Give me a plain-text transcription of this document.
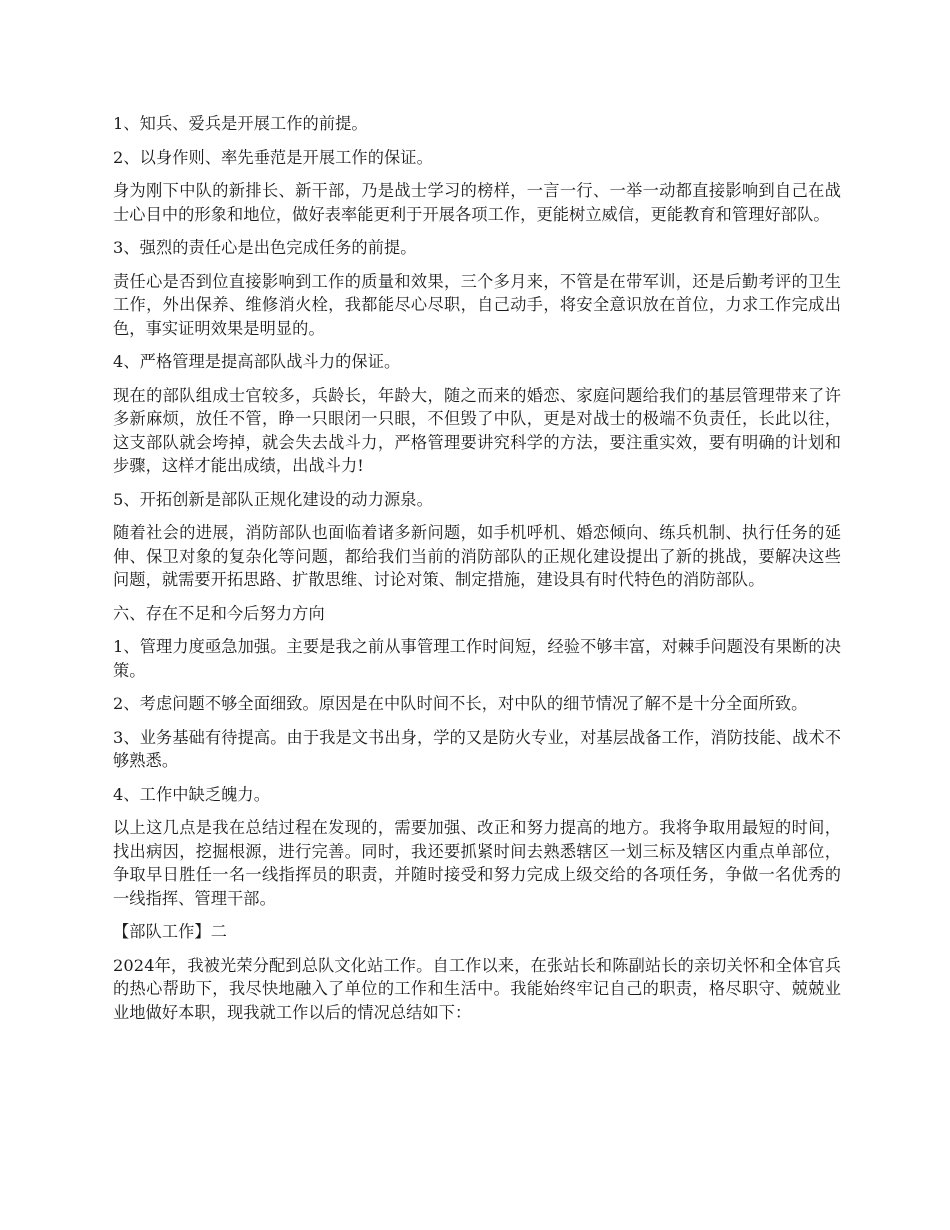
1、知兵、爱兵是开展工作的前提。

2、以身作则、率先垂范是开展工作的保证。

身为刚下中队的新排长、新干部，乃是战士学习的榜样，一言一行、一举一动都直接影响到自己在战士心目中的形象和地位，做好表率能更利于开展各项工作，更能树立威信，更能教育和管理好部队。

3、强烈的责任心是出色完成任务的前提。

责任心是否到位直接影响到工作的质量和效果，三个多月来，不管是在带军训，还是后勤考评的卫生工作，外出保养、维修消火栓，我都能尽心尽职，自己动手，将安全意识放在首位，力求工作完成出色，事实证明效果是明显的。

4、严格管理是提高部队战斗力的保证。

现在的部队组成士官较多，兵龄长，年龄大，随之而来的婚恋、家庭问题给我们的基层管理带来了许多新麻烦，放任不管，睁一只眼闭一只眼，不但毁了中队，更是对战士的极端不负责任，长此以往，这支部队就会垮掉，就会失去战斗力，严格管理要讲究科学的方法，要注重实效，要有明确的计划和步骤，这样才能出成绩，出战斗力!

5、开拓创新是部队正规化建设的动力源泉。

随着社会的进展，消防部队也面临着诸多新问题，如手机呼机、婚恋倾向、练兵机制、执行任务的延伸、保卫对象的复杂化等问题，都给我们当前的消防部队的正规化建设提出了新的挑战，要解决这些问题，就需要开拓思路、扩散思维、讨论对策、制定措施，建设具有时代特色的消防部队。

六、存在不足和今后努力方向

1、管理力度亟急加强。主要是我之前从事管理工作时间短，经验不够丰富，对棘手问题没有果断的决策。

2、考虑问题不够全面细致。原因是在中队时间不长，对中队的细节情况了解不是十分全面所致。

3、业务基础有待提高。由于我是文书出身，学的又是防火专业，对基层战备工作，消防技能、战术不够熟悉。

4、工作中缺乏魄力。

以上这几点是我在总结过程在发现的，需要加强、改正和努力提高的地方。我将争取用最短的时间，找出病因，挖掘根源，进行完善。同时，我还要抓紧时间去熟悉辖区一划三标及辖区内重点单部位，争取早日胜任一名一线指挥员的职责，并随时接受和努力完成上级交给的各项任务，争做一名优秀的一线指挥、管理干部。

【部队工作】二

2024年，我被光荣分配到总队文化站工作。自工作以来，在张站长和陈副站长的亲切关怀和全体官兵的热心帮助下，我尽快地融入了单位的工作和生活中。我能始终牢记自己的职责，格尽职守、兢兢业业地做好本职，现我就工作以后的情况总结如下：
